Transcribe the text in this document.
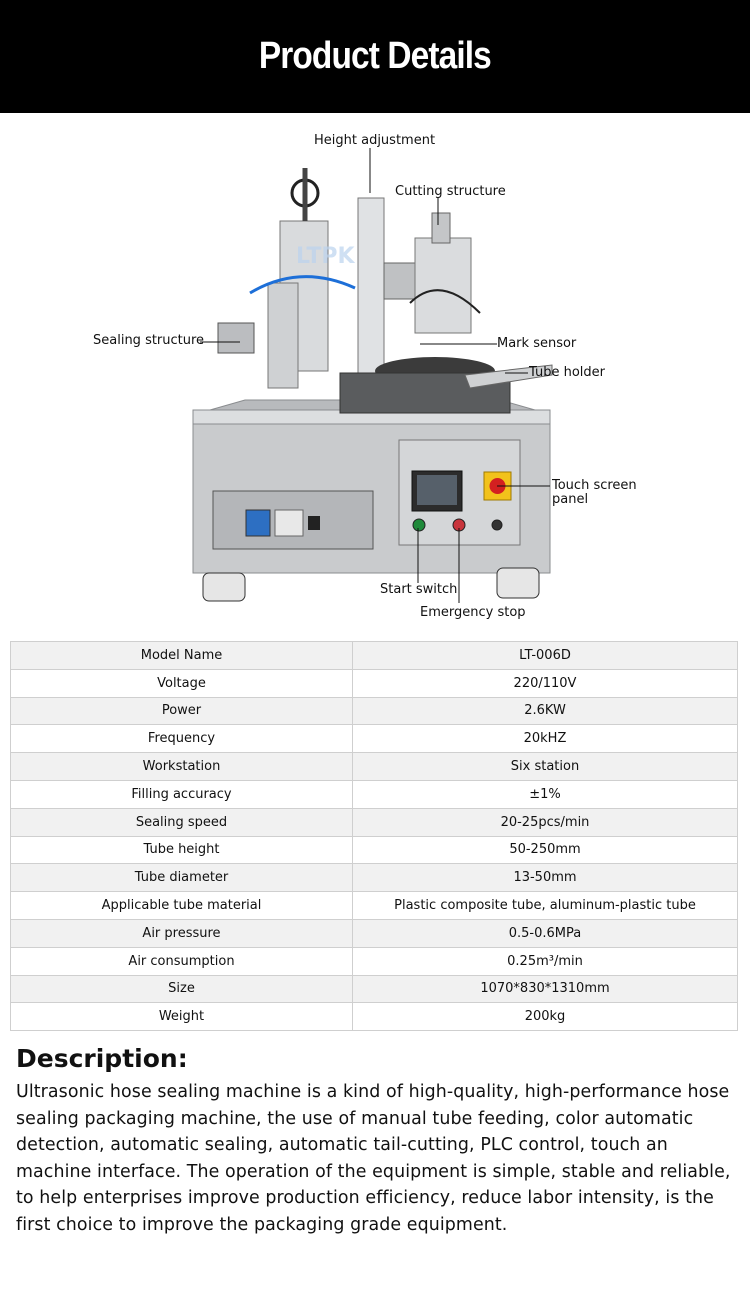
Product Details
LTPK
Height adjustment
Cutting structure
Sealing structure	Mark sensor
Tube holder
Touch screen
panel
Start switch
Emergency stop
Model Name	LT-006D
Voltage	220/110V
Power	2.6KW
Frequency	20kHZ
Workstation	Six station
Filling accuracy	±1%
Sealing speed	20-25pcs/min
Tube height	50-250mm
Tube diameter	13-50mm
Applicable tube material	Plastic composite tube, aluminum-plastic tube
Air pressure	0.5-0.6MPa
Air consumption	0.25m³/min
Size	1070*830*1310mm
Weight	200kg
Description:
Ultrasonic hose sealing machine is a kind of high-quality, high-performance hose sealing packaging machine, the use of manual tube feeding, color automatic detection, automatic sealing, automatic tail-cutting, PLC control, touch an machine interface. The operation of the equipment is simple, stable and reliable, to help enterprises improve production efficiency, reduce labor intensity, is the first choice to improve the packaging grade equipment.
